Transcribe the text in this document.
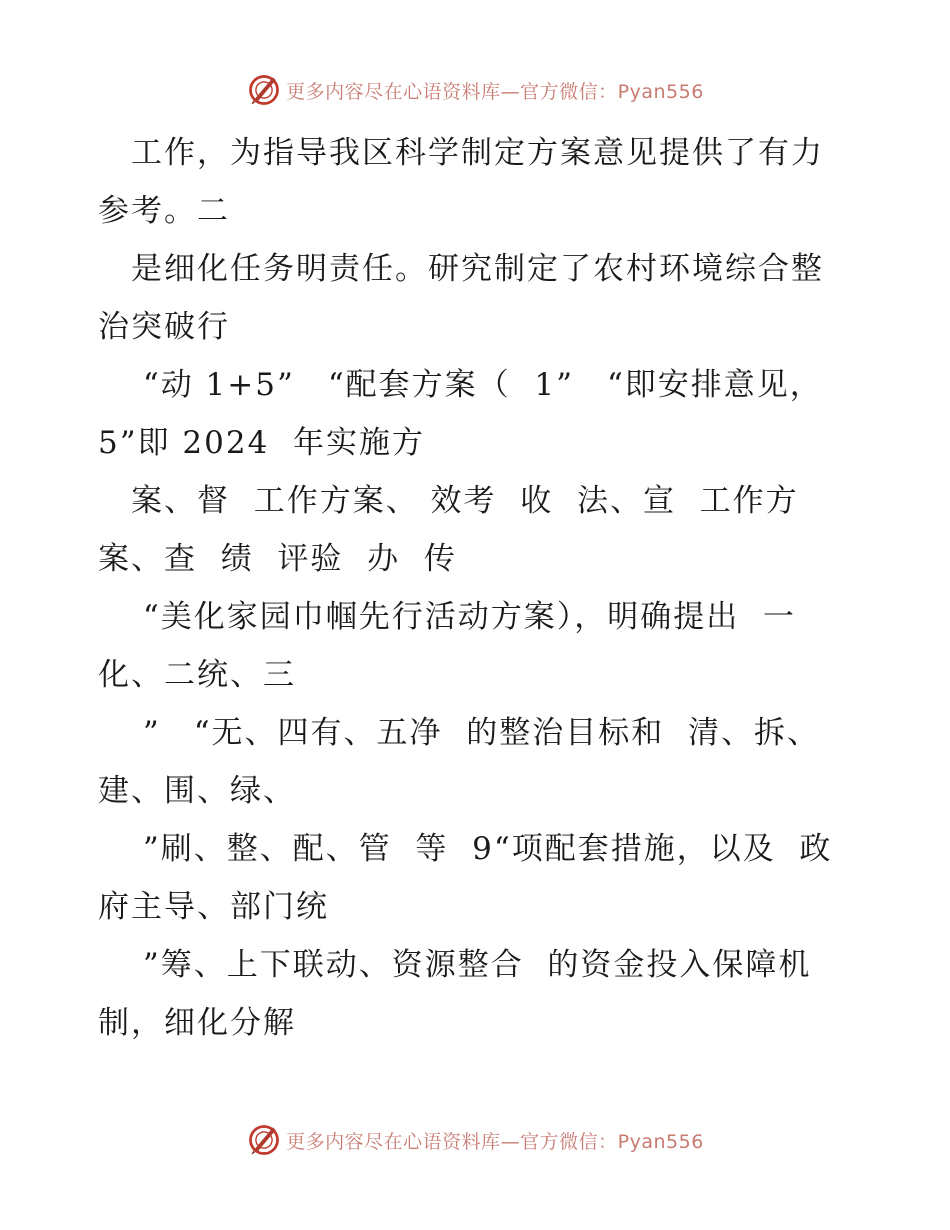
更多内容尽在心语资料库—官方微信：Pyan556
　工作，为指导我区科学制定方案意见提供了有力
参考。二
　是细化任务明责任。研究制定了农村环境综合整
治突破行
　 “动 1+5”　“配套方案（  1”　“即安排意见，
5”即 2024  年实施方
　案、督  工作方案、 效考  收  法、宣  工作方
案、查  绩  评验  办  传
　 “美化家园巾帼先行活动方案），明确提出  一
化、二统、三
　 ”　“无、四有、五净  的整治目标和  清、拆、
建、围、绿、
　 ”刷、整、配、管  等  9“项配套措施，以及  政
府主导、部门统
　 ”筹、上下联动、资源整合  的资金投入保障机
制，细化分解
更多内容尽在心语资料库—官方微信：Pyan556
